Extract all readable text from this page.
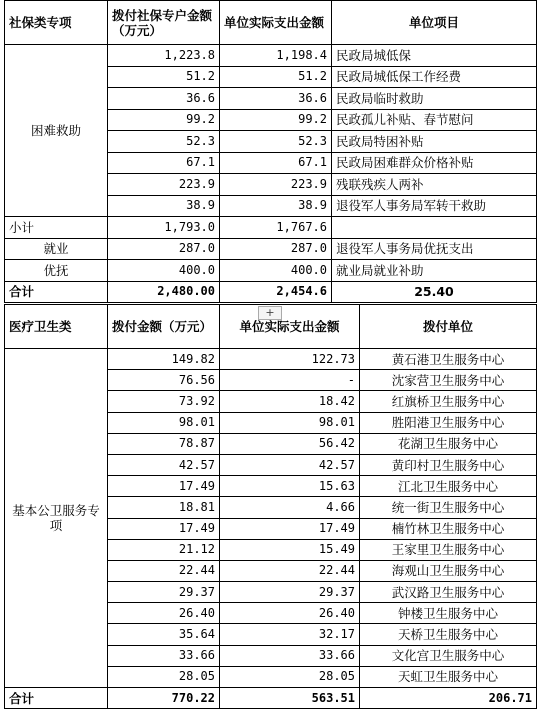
社保类专项	拨付社保专户金额（万元）	单位实际支出金额	单位项目
困难救助	1,223.8	1,198.4	民政局城低保
	51.2	51.2	民政局城低保工作经费
	36.6	36.6	民政局临时救助
	99.2	99.2	民政孤儿补贴、春节慰问
	52.3	52.3	民政局特困补贴
	67.1	67.1	民政局困难群众价格补贴
	223.9	223.9	残联残疾人两补
	38.9	38.9	退役军人事务局军转干救助
小计	1,793.0	1,767.6	
就业	287.0	287.0	退役军人事务局优抚支出
优抚	400.0	400.0	就业局就业补助
合计	2,480.00	2,454.6	25.40
+
医疗卫生类	拨付金额（万元）	单位实际支出金额	拨付单位
基本公卫服务专项	149.82	122.73	黄石港卫生服务中心
	76.56	-	沈家营卫生服务中心
	73.92	18.42	红旗桥卫生服务中心
	98.01	98.01	胜阳港卫生服务中心
	78.87	56.42	花湖卫生服务中心
	42.57	42.57	黄印村卫生服务中心
	17.49	15.63	江北卫生服务中心
	18.81	4.66	统一街卫生服务中心
	17.49	17.49	楠竹林卫生服务中心
	21.12	15.49	王家里卫生服务中心
	22.44	22.44	海观山卫生服务中心
	29.37	29.37	武汉路卫生服务中心
	26.40	26.40	钟楼卫生服务中心
	35.64	32.17	天桥卫生服务中心
	33.66	33.66	文化宫卫生服务中心
	28.05	28.05	天虹卫生服务中心
合计	770.22	563.51	206.71
